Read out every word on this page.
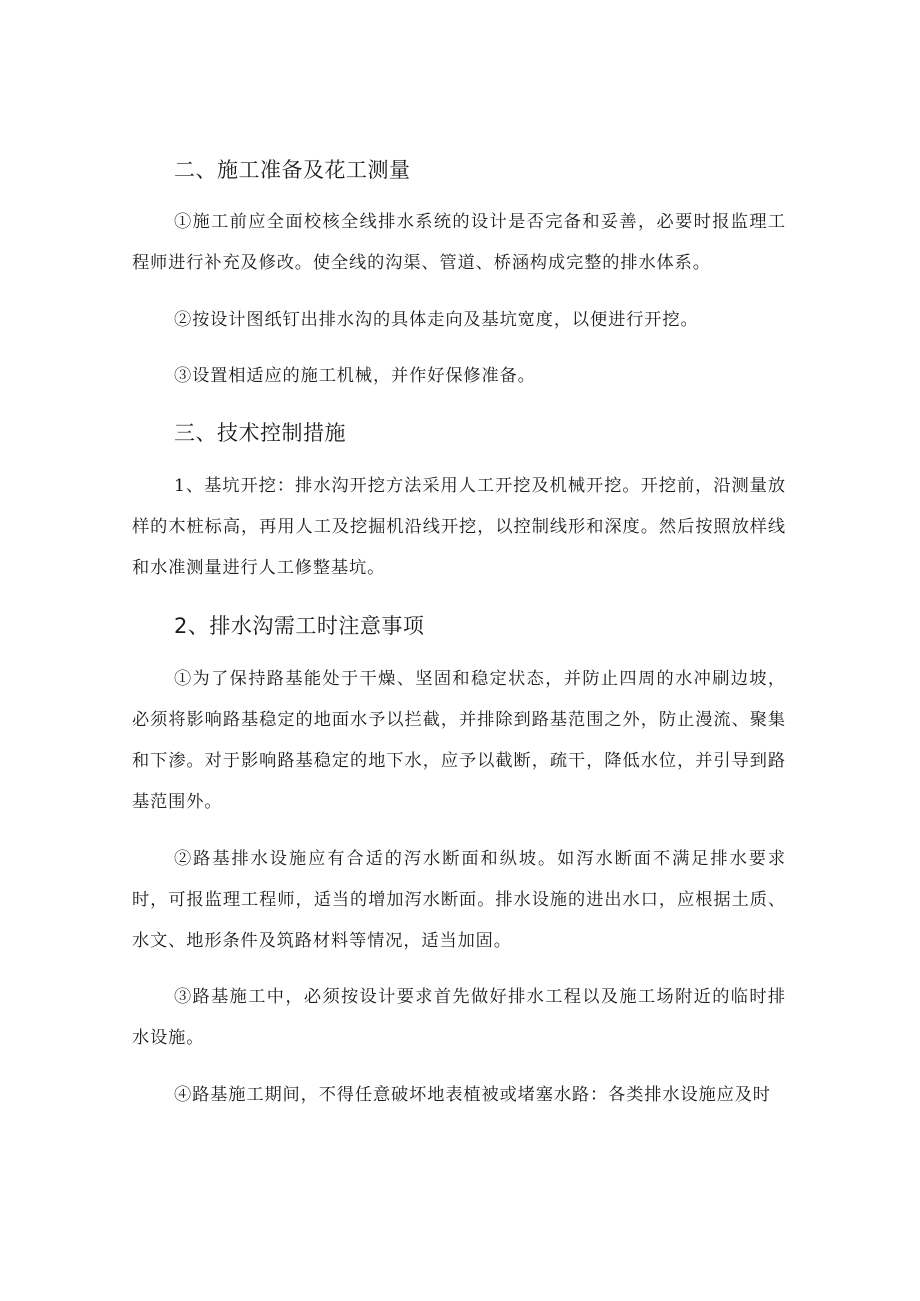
二、施工准备及花工测量

①施工前应全面校核全线排水系统的设计是否完备和妥善，必要时报监理工程师进行补充及修改。使全线的沟渠、管道、桥涵构成完整的排水体系。

②按设计图纸钉出排水沟的具体走向及基坑宽度，以便进行开挖。

③设置相适应的施工机械，并作好保修准备。

三、技术控制措施

1、基坑开挖：排水沟开挖方法采用人工开挖及机械开挖。开挖前，沿测量放样的木桩标高，再用人工及挖掘机沿线开挖，以控制线形和深度。然后按照放样线和水准测量进行人工修整基坑。

2、排水沟需工时注意事项

①为了保持路基能处于干燥、坚固和稳定状态，并防止四周的水冲刷边坡，必须将影响路基稳定的地面水予以拦截，并排除到路基范围之外，防止漫流、聚集和下渗。对于影响路基稳定的地下水，应予以截断，疏干，降低水位，并引导到路基范围外。

②路基排水设施应有合适的泻水断面和纵坡。如泻水断面不满足排水要求时，可报监理工程师，适当的增加泻水断面。排水设施的进出水口，应根据土质、水文、地形条件及筑路材料等情况，适当加固。

③路基施工中，必须按设计要求首先做好排水工程以及施工场附近的临时排水设施。

④路基施工期间，不得任意破坏地表植被或堵塞水路：各类排水设施应及时
